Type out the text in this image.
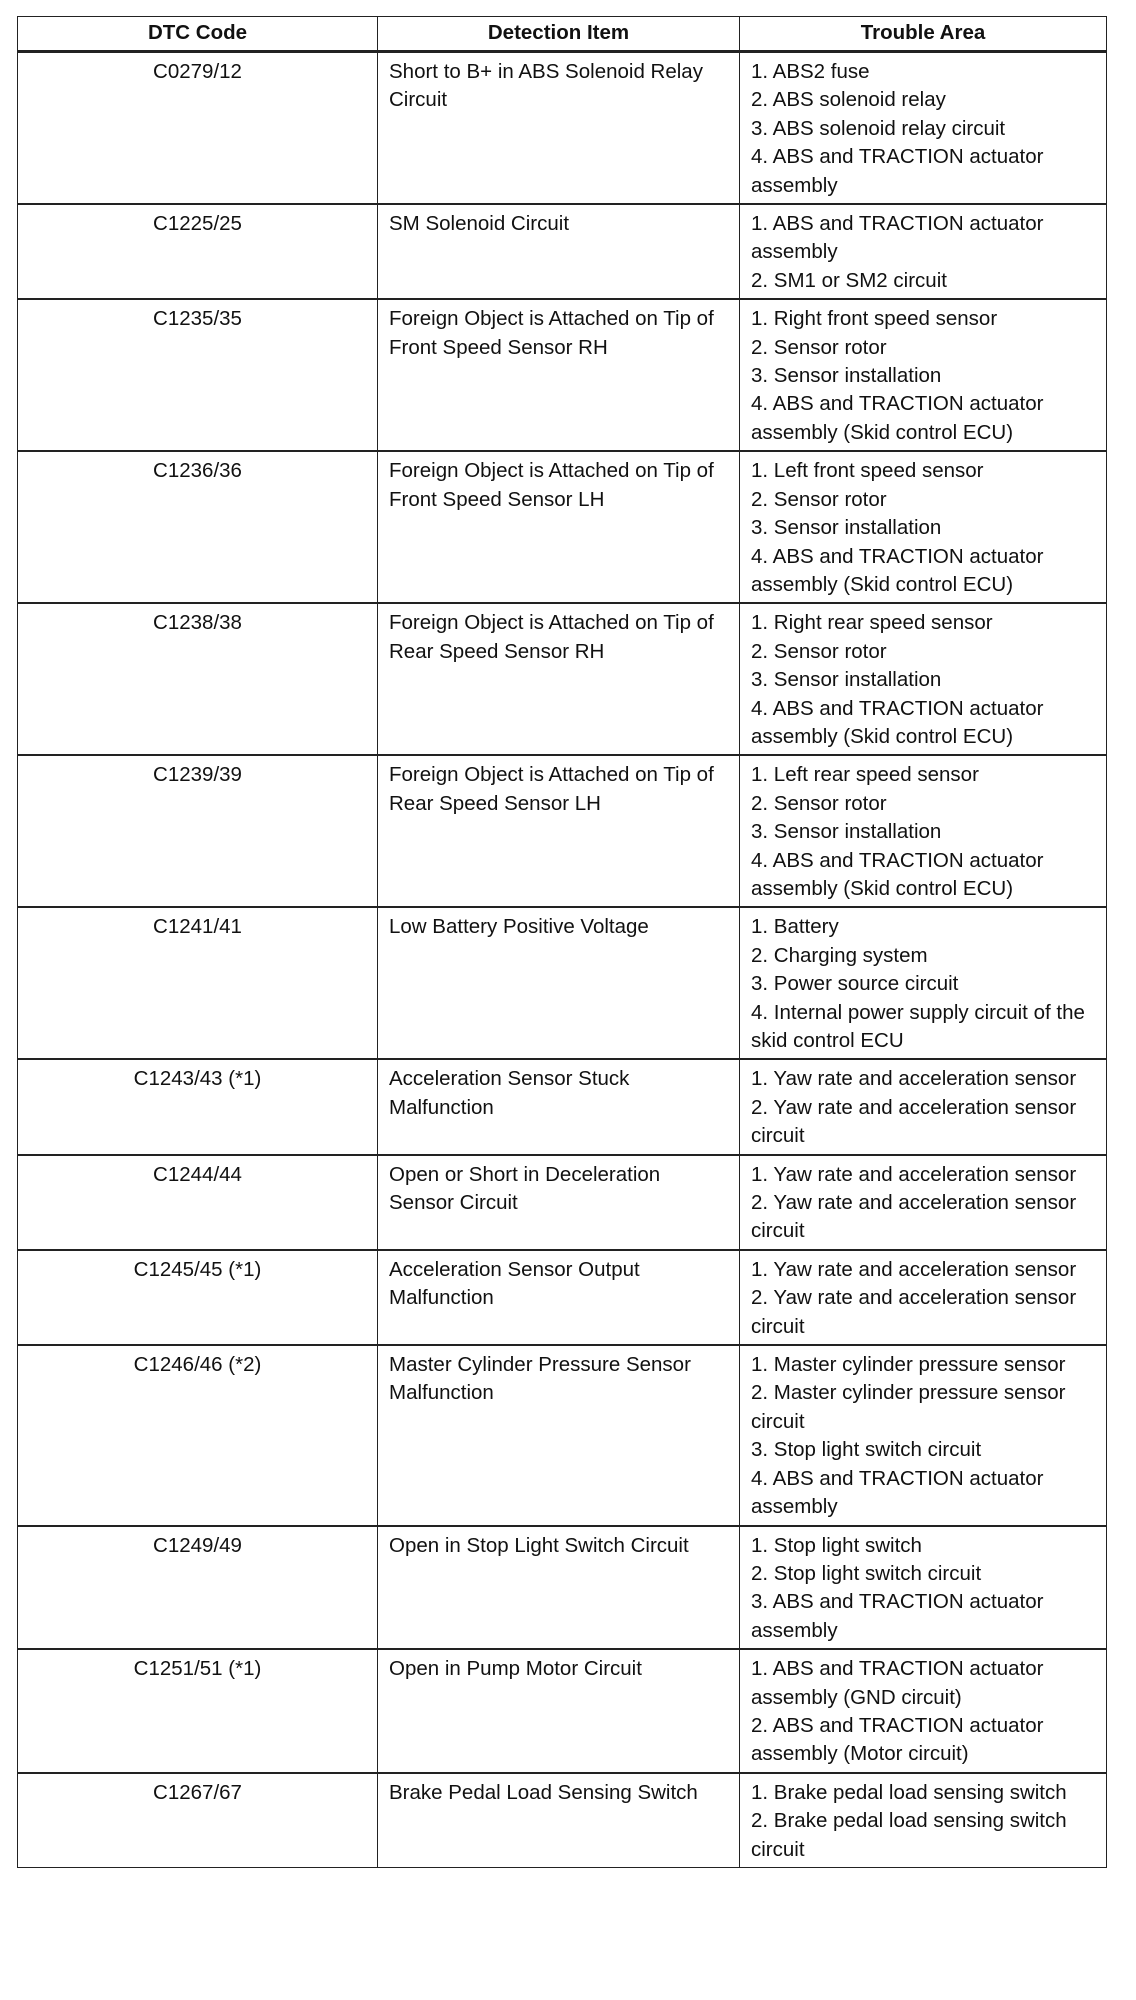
DTC Code	Detection Item	Trouble Area
C0279/12	Short to B+ in ABS Solenoid Relay Circuit	1. ABS2 fuse
2. ABS solenoid relay
3. ABS solenoid relay circuit
4. ABS and TRACTION actuator assembly

C1225/25	SM Solenoid Circuit	1. ABS and TRACTION actuator assembly
2. SM1 or SM2 circuit

C1235/35	Foreign Object is Attached on Tip of Front Speed Sensor RH	1. Right front speed sensor
2. Sensor rotor
3. Sensor installation
4. ABS and TRACTION actuator assembly (Skid control ECU)

C1236/36	Foreign Object is Attached on Tip of Front Speed Sensor LH	1. Left front speed sensor
2. Sensor rotor
3. Sensor installation
4. ABS and TRACTION actuator assembly (Skid control ECU)

C1238/38	Foreign Object is Attached on Tip of Rear Speed Sensor RH	1. Right rear speed sensor
2. Sensor rotor
3. Sensor installation
4. ABS and TRACTION actuator assembly (Skid control ECU)

C1239/39	Foreign Object is Attached on Tip of Rear Speed Sensor LH	1. Left rear speed sensor
2. Sensor rotor
3. Sensor installation
4. ABS and TRACTION actuator assembly (Skid control ECU)

C1241/41	Low Battery Positive Voltage	1. Battery
2. Charging system
3. Power source circuit
4. Internal power supply circuit of the skid control ECU

C1243/43 (*1)	Acceleration Sensor Stuck Malfunction	1. Yaw rate and acceleration sensor
2. Yaw rate and acceleration sensor circuit

C1244/44	Open or Short in Deceleration Sensor Circuit	1. Yaw rate and acceleration sensor
2. Yaw rate and acceleration sensor circuit

C1245/45 (*1)	Acceleration Sensor Output Malfunction	1. Yaw rate and acceleration sensor
2. Yaw rate and acceleration sensor circuit

C1246/46 (*2)	Master Cylinder Pressure Sensor Malfunction	1. Master cylinder pressure sensor
2. Master cylinder pressure sensor circuit
3. Stop light switch circuit
4. ABS and TRACTION actuator assembly

C1249/49	Open in Stop Light Switch Circuit	1. Stop light switch
2. Stop light switch circuit
3. ABS and TRACTION actuator assembly

C1251/51 (*1)	Open in Pump Motor Circuit	1. ABS and TRACTION actuator assembly (GND circuit)
2. ABS and TRACTION actuator assembly (Motor circuit)

C1267/67	Brake Pedal Load Sensing Switch	1. Brake pedal load sensing switch
2. Brake pedal load sensing switch circuit
